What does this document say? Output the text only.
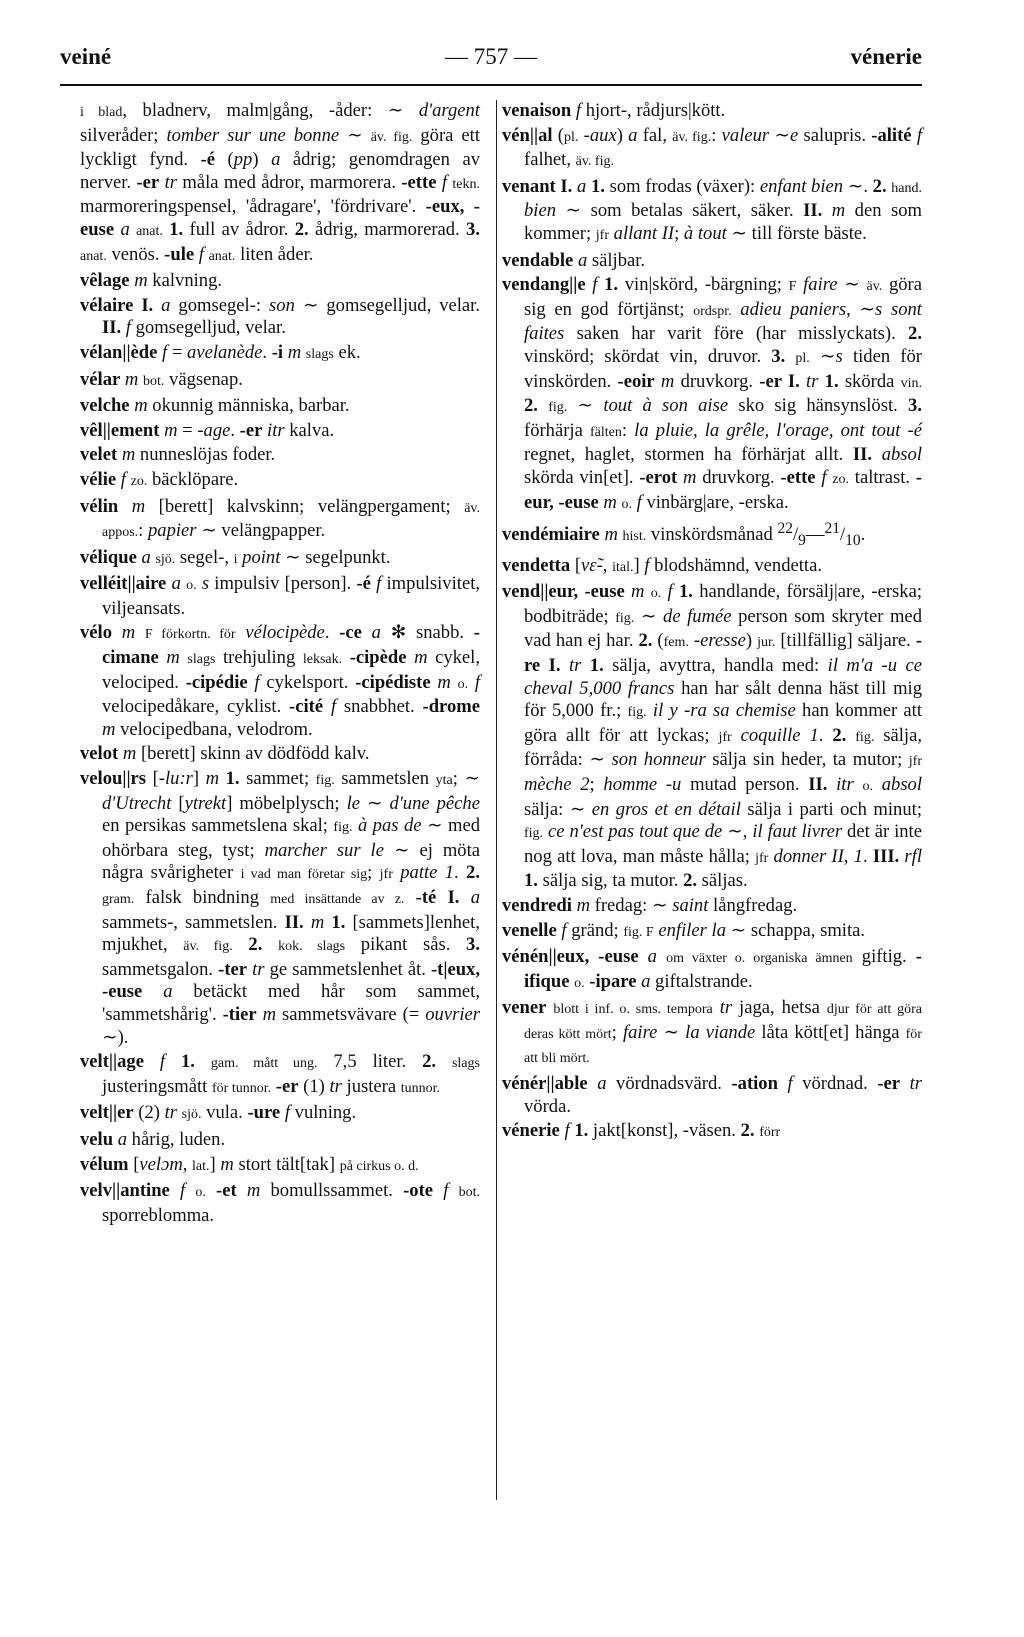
veiné	— 757 —	vénerie
i blad, bladnerv, malm|gång, -åder: ∼ d'argent silveråder; tomber sur une bonne ∼ äv. fig. göra ett lyckligt fynd. -é (pp) a ådrig; genomdragen av nerver. -er tr måla med ådror, marmorera. -ette f tekn. marmoreringspensel, 'ådragare', 'fördrivare'. -eux, -euse a anat. 1. full av ådror. 2. ådrig, marmorerad. 3. anat. venös. -ule f anat. liten åder.
vêlage m kalvning.
vélaire I. a gomsegel-: son ∼ gomsegelljud, velar. II. f gomsegelljud, velar.
vélan||ède f = avelanède. -i m slags ek.
vélar m bot. vägsenap.
velche m okunnig människa, barbar.
vêl||ement m = -age. -er itr kalva.
velet m nunneslöjas foder.
vélie f zo. bäcklöpare.
vélin m [berett] kalvskinn; velängpergament; äv. appos.: papier ∼ velängpapper.
vélique a sjö. segel-, i point ∼ segelpunkt.
velléit||aire a o. s impulsiv [person]. -é f impulsivitet, viljeansats.
vélo m F förkortn. för vélocipède. -ce a ✻ snabb. -cimane m slags trehjuling leksak. -cipède m cykel, velociped. -cipédie f cykelsport. -cipédiste m o. f velocipedåkare, cyklist. -cité f snabbhet. -drome m velocipedbana, velodrom.
velot m [berett] skinn av dödfödd kalv.
velou||rs [-lu:r] m 1. sammet; fig. sammetslen yta; ∼ d'Utrecht [ytrekt] möbelplysch; le ∼ d'une pêche en persikas sammetslena skal; fig. à pas de ∼ med ohörbara steg, tyst; marcher sur le ∼ ej möta några svårigheter i vad man företar sig; jfr patte 1. 2. gram. falsk bindning med insättande av z. -té I. a sammets-, sammetslen. II. m 1. [sammets]lenhet, mjukhet, äv. fig. 2. kok. slags pikant sås. 3. sammetsgalon. -ter tr ge sammetslenhet åt. -t|eux, -euse a betäckt med hår som sammet, 'sammetshårig'. -tier m sammetsvävare (= ouvrier ∼).
velt||age f 1. gam. mått ung. 7,5 liter. 2. slags justeringsmått för tunnor. -er (1) tr justera tunnor.
velt||er (2) tr sjö. vula. -ure f vulning.
velu a hårig, luden.
vélum [velɔm, lat.] m stort tält[tak] på cirkus o. d.
velv||antine f o. -et m bomullssammet. -ote f bot. sporreblomma.
venaison f hjort-, rådjurs|kött.
vén||al (pl. -aux) a fal, äv. fig.: valeur ∼e salupris. -alité f falhet, äv. fig.
venant I. a 1. som frodas (växer): enfant bien ∼. 2. hand. bien ∼ som betalas säkert, säker. II. m den som kommer; jfr allant II; à tout ∼ till förste bäste.
vendable a säljbar.
vendang||e f 1. vin|skörd, -bärgning; F faire ∼ äv. göra sig en god förtjänst; ordspr. adieu paniers, ∼s sont faites saken har varit före (har misslyckats). 2. vinskörd; skördat vin, druvor. 3. pl. ∼s tiden för vinskörden. -eoir m druvkorg. -er I. tr 1. skörda vin. 2. fig. ∼ tout à son aise sko sig hänsynslöst. 3. förhärja fälten: la pluie, la grêle, l'orage, ont tout -é regnet, haglet, stormen ha förhärjat allt. II. absol skörda vin[et]. -erot m druvkorg. -ette f zo. taltrast. -eur, -euse m o. f vinbärg|are, -erska.
vendémiaire m hist. vinskördsmånad $^{22}/_9—^{21}/_{10}$.
vendetta [vɛ̃-, ital.] f blodshämnd, vendetta.
vend||eur, -euse m o. f 1. handlande, försälj|are, -erska; bodbiträde; fig. ∼ de fumée person som skryter med vad han ej har. 2. (fem. -eresse) jur. [tillfällig] säljare. -re I. tr 1. sälja, avyttra, handla med: il m'a -u ce cheval 5,000 francs han har sålt denna häst till mig för 5,000 fr.; fig. il y -ra sa chemise han kommer att göra allt för att lyckas; jfr coquille 1. 2. fig. sälja, förråda: ∼ son honneur sälja sin heder, ta mutor; jfr mèche 2; homme -u mutad person. II. itr o. absol sälja: ∼ en gros et en détail sälja i parti och minut; fig. ce n'est pas tout que de ∼, il faut livrer det är inte nog att lova, man måste hålla; jfr donner II, 1. III. rfl 1. sälja sig, ta mutor. 2. säljas.
vendredi m fredag: ∼ saint långfredag.
venelle f gränd; fig. F enfiler la ∼ schappa, smita.
vénén||eux, -euse a om växter o. organiska ämnen giftig. -ifique o. -ipare a giftalstrande.
vener blott i inf. o. sms. tempora tr jaga, hetsa djur för att göra deras kött mört; faire ∼ la viande låta kött[et] hänga för att bli mört.
vénér||able a vördnadsvärd. -ation f vördnad. -er tr vörda.
vénerie f 1. jakt[konst], -väsen. 2. förr
